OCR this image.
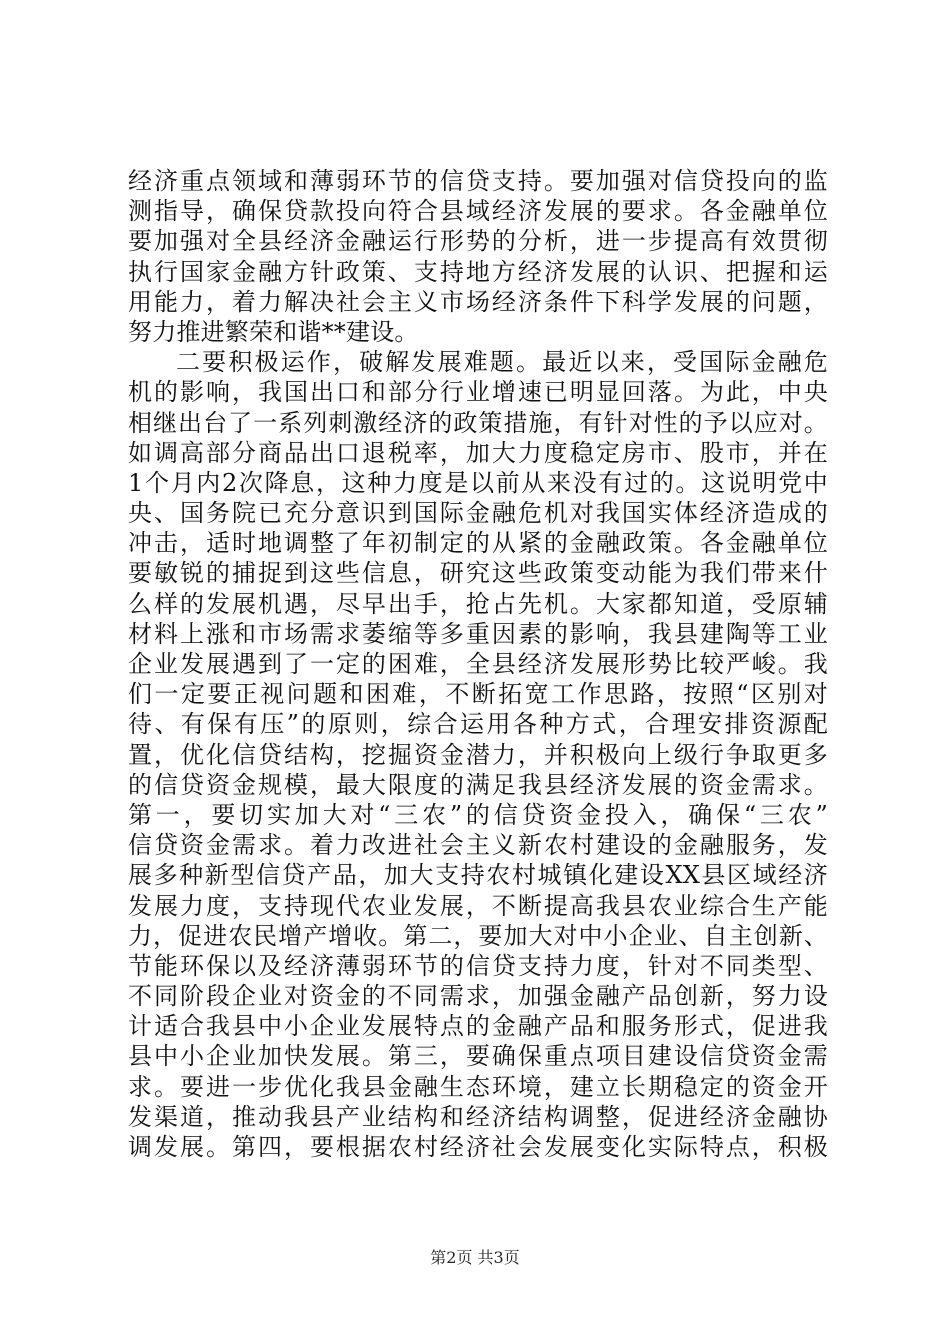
经济重点领域和薄弱环节的信贷支持。要加强对信贷投向的监
测指导，确保贷款投向符合县域经济发展的要求。各金融单位
要加强对全县经济金融运行形势的分析，进一步提高有效贯彻
执行国家金融方针政策、支持地方经济发展的认识、把握和运
用能力，着力解决社会主义市场经济条件下科学发展的问题，
努力推进繁荣和谐**建设。
二要积极运作，破解发展难题。最近以来，受国际金融危
机的影响，我国出口和部分行业增速已明显回落。为此，中央
相继出台了一系列刺激经济的政策措施，有针对性的予以应对。
如调高部分商品出口退税率，加大力度稳定房市、股市，并在
1个月内2次降息，这种力度是以前从来没有过的。这说明党中
央、国务院已充分意识到国际金融危机对我国实体经济造成的
冲击，适时地调整了年初制定的从紧的金融政策。各金融单位
要敏锐的捕捉到这些信息，研究这些政策变动能为我们带来什
么样的发展机遇，尽早出手，抢占先机。大家都知道，受原辅
材料上涨和市场需求萎缩等多重因素的影响，我县建陶等工业
企业发展遇到了一定的困难，全县经济发展形势比较严峻。我
们一定要正视问题和困难，不断拓宽工作思路，按照“区别对
待、有保有压”的原则，综合运用各种方式，合理安排资源配
置，优化信贷结构，挖掘资金潜力，并积极向上级行争取更多
的信贷资金规模，最大限度的满足我县经济发展的资金需求。
第一，要切实加大对“三农”的信贷资金投入，确保“三农”
信贷资金需求。着力改进社会主义新农村建设的金融服务，发
展多种新型信贷产品，加大支持农村城镇化建设XX县区域经济
发展力度，支持现代农业发展，不断提高我县农业综合生产能
力，促进农民增产增收。第二，要加大对中小企业、自主创新、
节能环保以及经济薄弱环节的信贷支持力度，针对不同类型、
不同阶段企业对资金的不同需求，加强金融产品创新，努力设
计适合我县中小企业发展特点的金融产品和服务形式，促进我
县中小企业加快发展。第三，要确保重点项目建设信贷资金需
求。要进一步优化我县金融生态环境，建立长期稳定的资金开
发渠道，推动我县产业结构和经济结构调整，促进经济金融协
调发展。第四，要根据农村经济社会发展变化实际特点，积极
第2页 共3页
